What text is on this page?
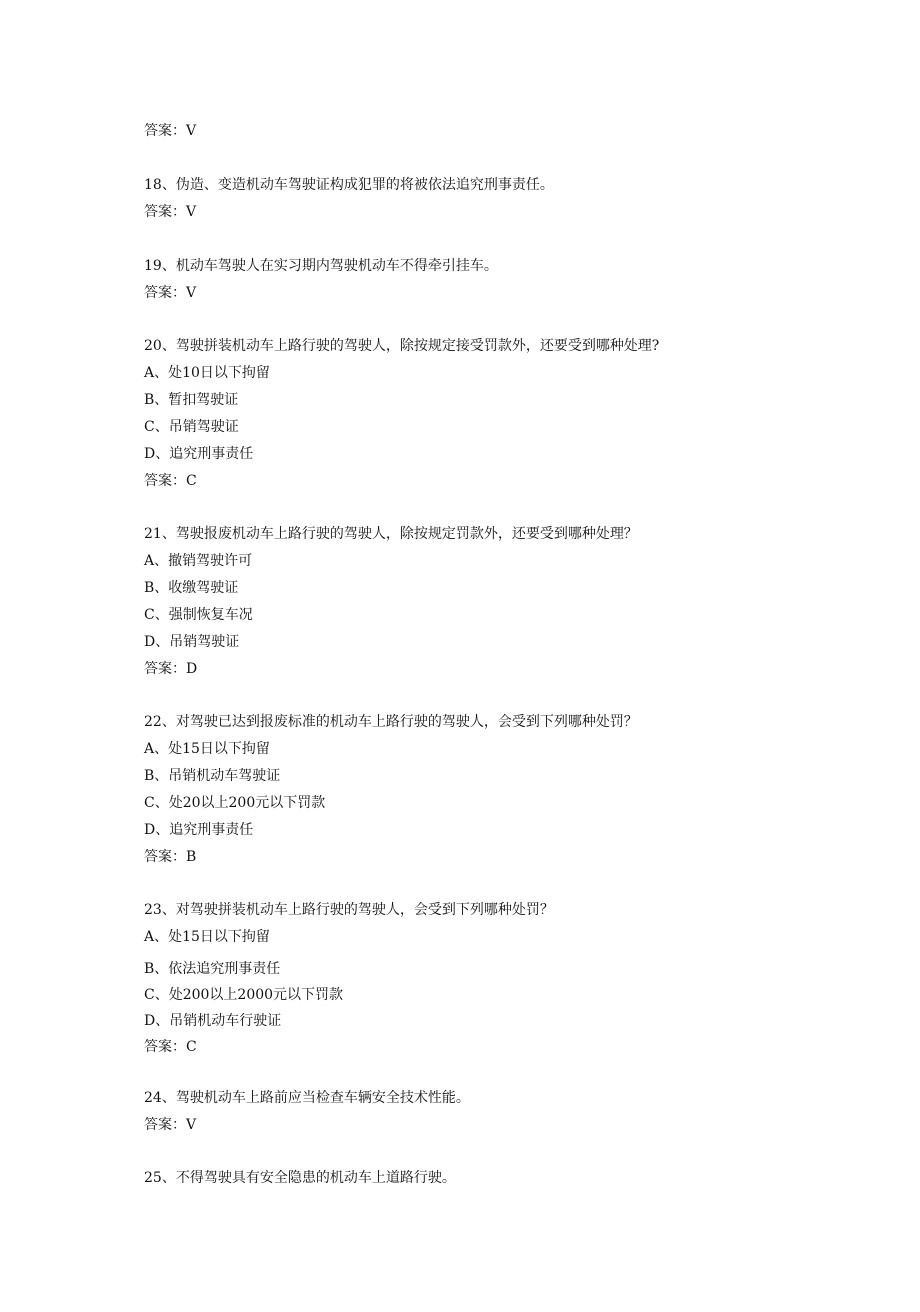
答案：V
18、伪造、变造机动车驾驶证构成犯罪的将被依法追究刑事责任。
答案：V
19、机动车驾驶人在实习期内驾驶机动车不得牵引挂车。
答案：V
20、驾驶拼装机动车上路行驶的驾驶人，除按规定接受罚款外，还要受到哪种处理?
A、处10日以下拘留
B、暂扣驾驶证
C、吊销驾驶证
D、追究刑事责任
答案：C
21、驾驶报废机动车上路行驶的驾驶人，除按规定罚款外，还要受到哪种处理？
A、撤销驾驶许可
B、收缴驾驶证
C、强制恢复车况
D、吊销驾驶证
答案：D
22、对驾驶已达到报废标准的机动车上路行驶的驾驶人，会受到下列哪种处罚？
A、处15日以下拘留
B、吊销机动车驾驶证
C、处20以上200元以下罚款
D、追究刑事责任
答案：B
23、对驾驶拼装机动车上路行驶的驾驶人，会受到下列哪种处罚？
A、处15日以下拘留
B、依法追究刑事责任
C、处200以上2000元以下罚款
D、吊销机动车行驶证
答案：C
24、驾驶机动车上路前应当检查车辆安全技术性能。
答案：V
25、不得驾驶具有安全隐患的机动车上道路行驶。
